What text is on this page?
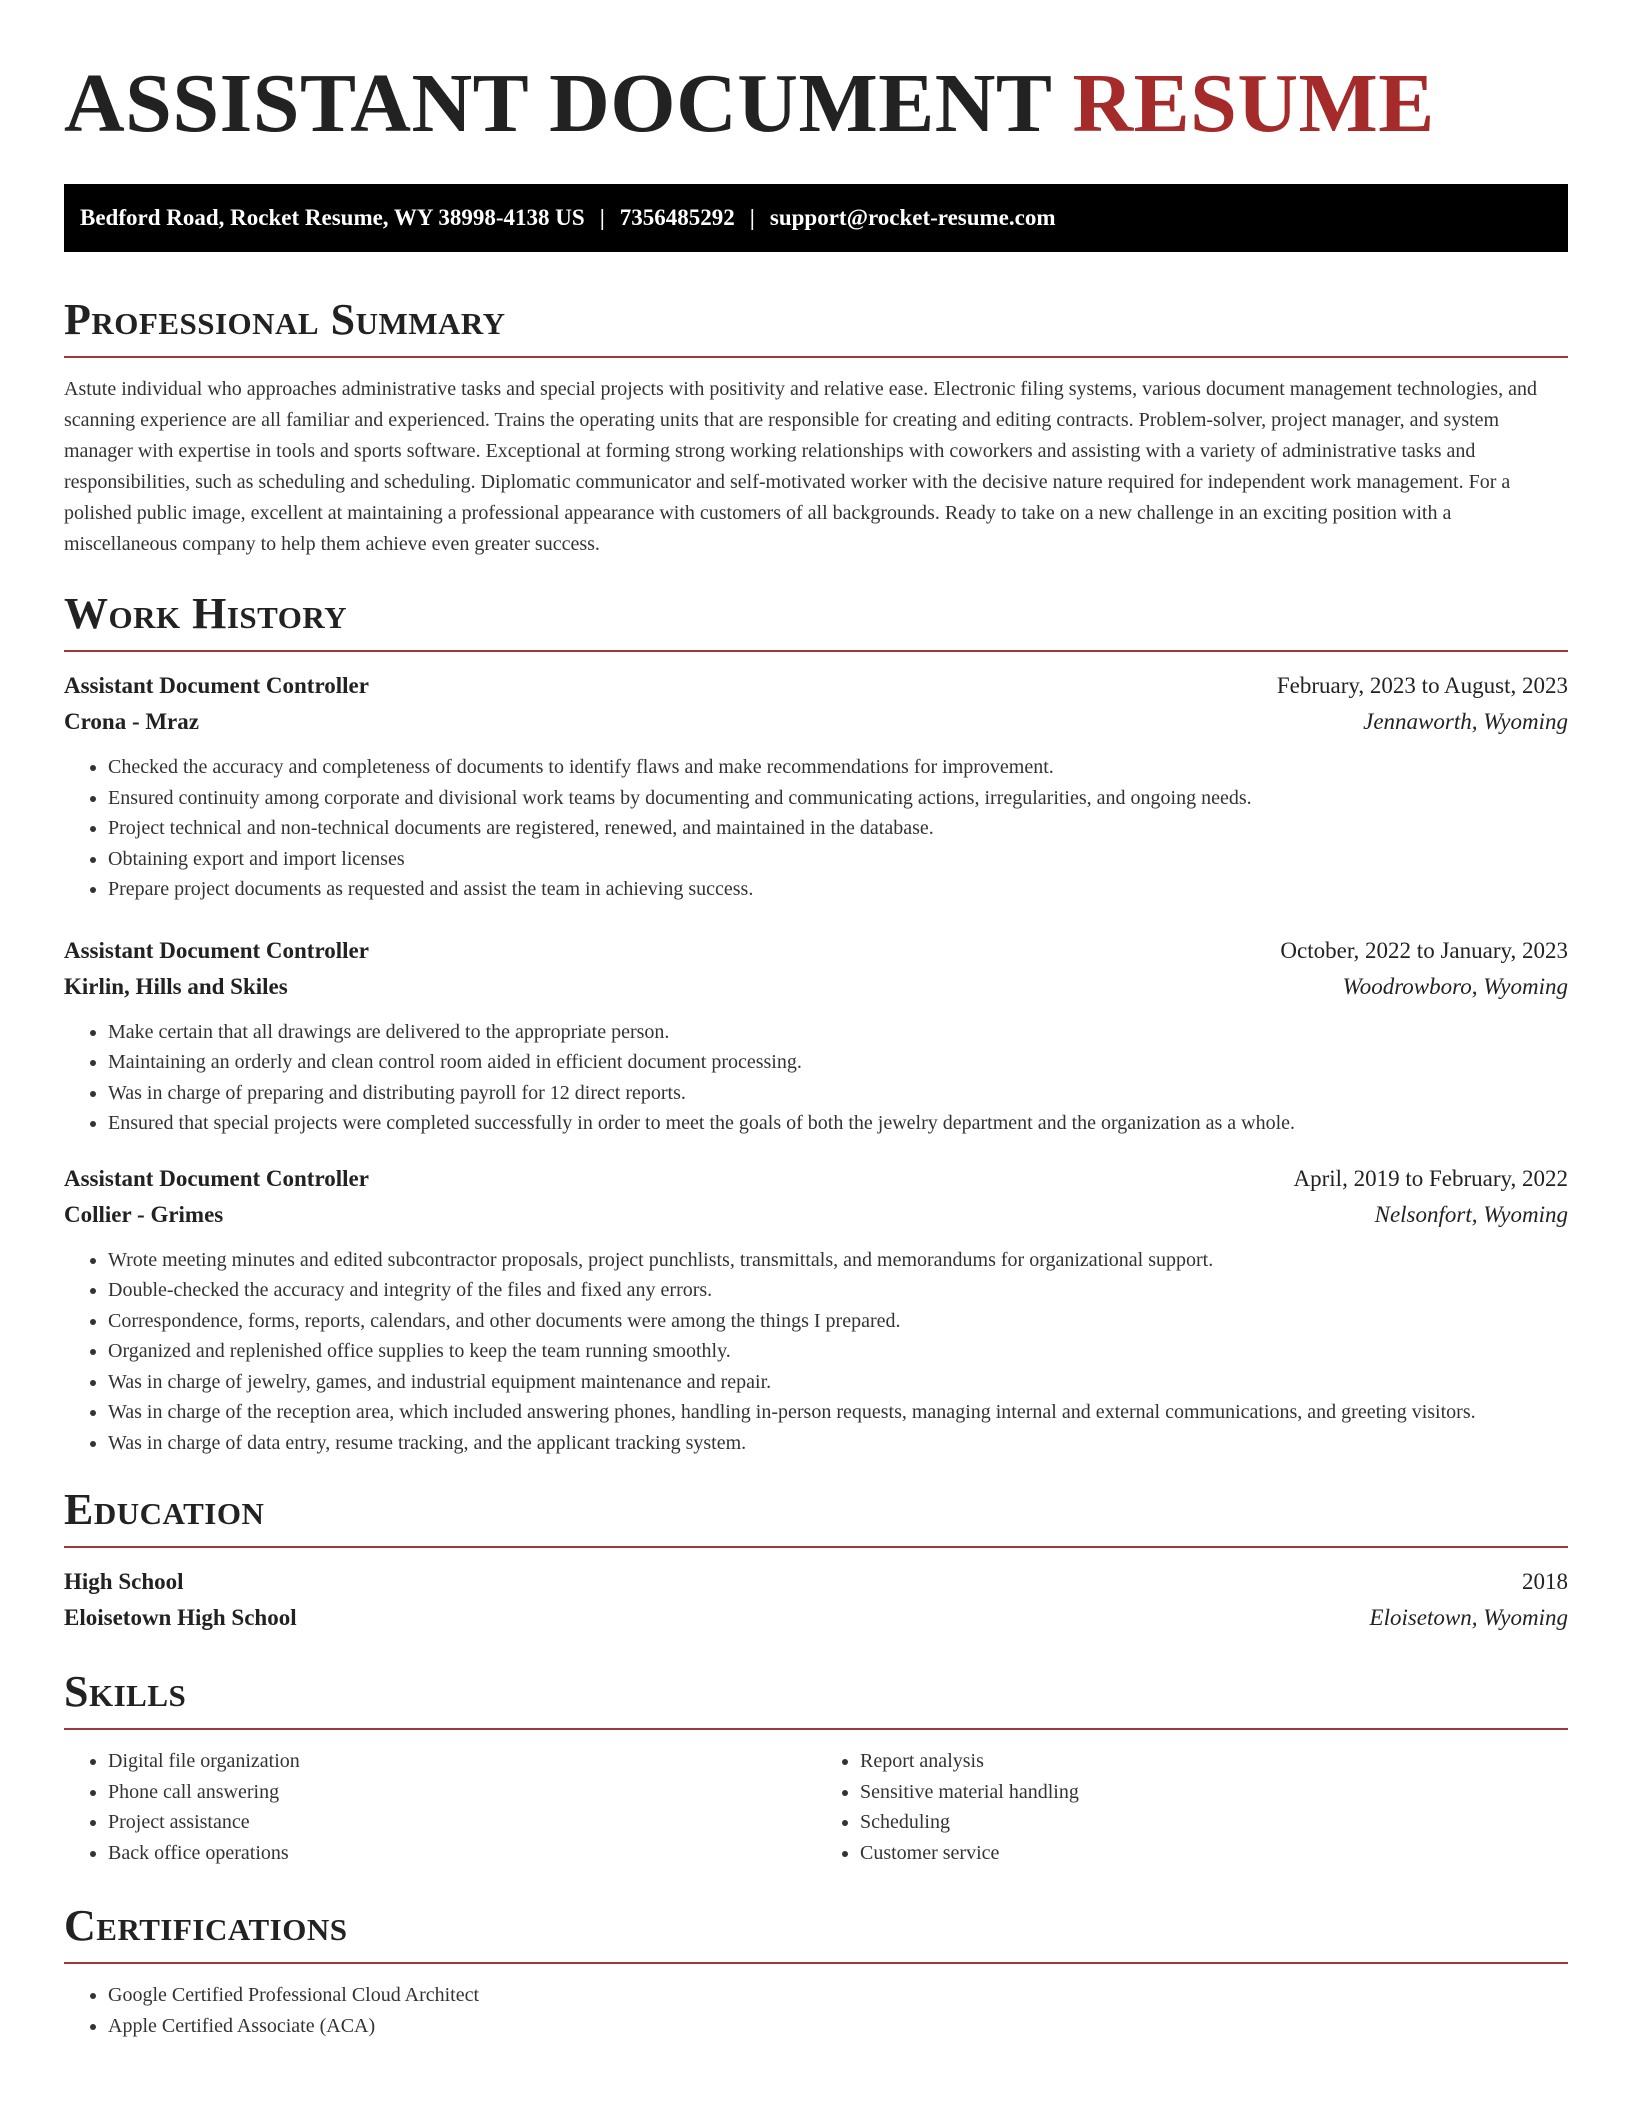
ASSISTANT DOCUMENT RESUME
Bedford Road, Rocket Resume, WY 38998-4138 US | 7356485292 | support@rocket-resume.com
Professional Summary

Astute individual who approaches administrative tasks and special projects with positivity and relative ease. Electronic filing systems, various document management technologies, and scanning experience are all familiar and experienced. Trains the operating units that are responsible for creating and editing contracts. Problem-solver, project manager, and system manager with expertise in tools and sports software. Exceptional at forming strong working relationships with coworkers and assisting with a variety of administrative tasks and responsibilities, such as scheduling and scheduling. Diplomatic communicator and self-motivated worker with the decisive nature required for independent work management. For a polished public image, excellent at maintaining a professional appearance with customers of all backgrounds. Ready to take on a new challenge in an exciting position with a miscellaneous company to help them achieve even greater success.

Work History
Assistant Document Controller	February, 2023 to August, 2023
Crona - Mraz	Jennaworth, Wyoming
• Checked the accuracy and completeness of documents to identify flaws and make recommendations for improvement.
• Ensured continuity among corporate and divisional work teams by documenting and communicating actions, irregularities, and ongoing needs.
• Project technical and non-technical documents are registered, renewed, and maintained in the database.
• Obtaining export and import licenses
• Prepare project documents as requested and assist the team in achieving success.
Assistant Document Controller	October, 2022 to January, 2023
Kirlin, Hills and Skiles	Woodrowboro, Wyoming
• Make certain that all drawings are delivered to the appropriate person.
• Maintaining an orderly and clean control room aided in efficient document processing.
• Was in charge of preparing and distributing payroll for 12 direct reports.
• Ensured that special projects were completed successfully in order to meet the goals of both the jewelry department and the organization as a whole.
Assistant Document Controller	April, 2019 to February, 2022
Collier - Grimes	Nelsonfort, Wyoming
• Wrote meeting minutes and edited subcontractor proposals, project punchlists, transmittals, and memorandums for organizational support.
• Double-checked the accuracy and integrity of the files and fixed any errors.
• Correspondence, forms, reports, calendars, and other documents were among the things I prepared.
• Organized and replenished office supplies to keep the team running smoothly.
• Was in charge of jewelry, games, and industrial equipment maintenance and repair.
• Was in charge of the reception area, which included answering phones, handling in-person requests, managing internal and external communications, and greeting visitors.
• Was in charge of data entry, resume tracking, and the applicant tracking system.
Education
High School	2018
Eloisetown High School	Eloisetown, Wyoming
Skills
• Digital file organization
• Phone call answering
• Project assistance
• Back office operations
• Report analysis
• Sensitive material handling
• Scheduling
• Customer service
Certifications
• Google Certified Professional Cloud Architect
• Apple Certified Associate (ACA)
